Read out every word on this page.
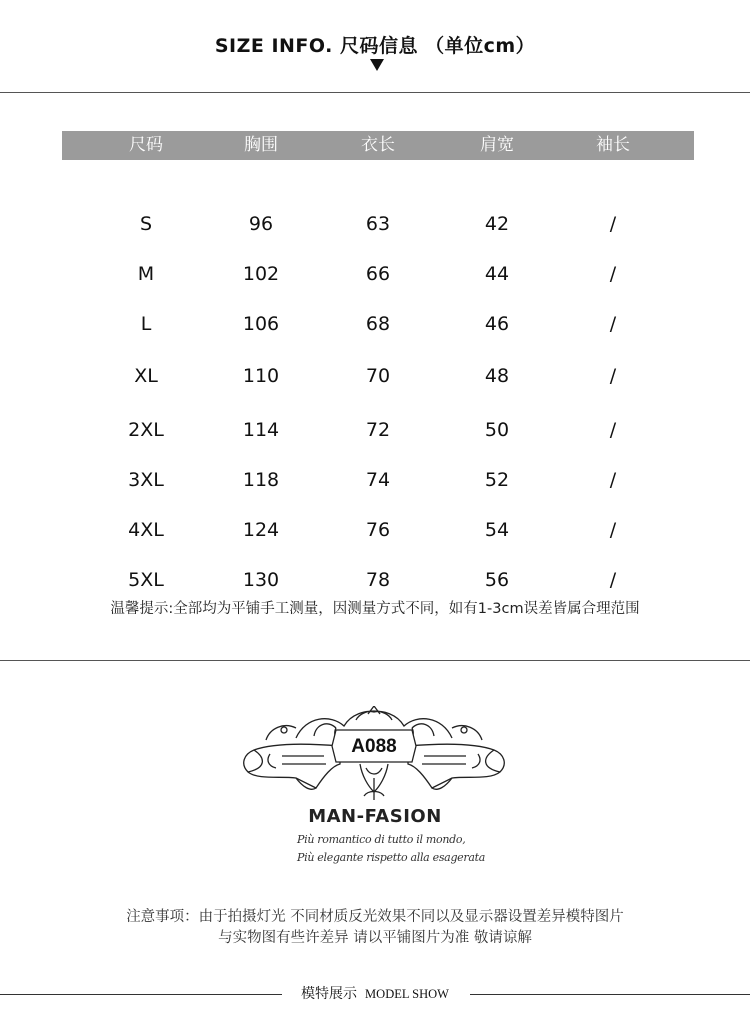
SIZE INFO. 尺码信息 （单位cm）
尺码	胸围	衣长	肩宽	袖长
S	96	63	42	/
M	102	66	44	/
L	106	68	46	/
XL	110	70	48	/
2XL	114	72	50	/
3XL	118	74	52	/
4XL	124	76	54	/
5XL	130	78	56	/
温馨提示:全部均为平铺手工测量，因测量方式不同，如有1-3cm误差皆属合理范围
A088
MAN-FASION
Più romantico di tutto il mondo,
Più elegante rispetto alla esagerata
注意事项：由于拍摄灯光 不同材质反光效果不同以及显示器设置差异模特图片
与实物图有些许差异 请以平铺图片为准 敬请谅解
模特展示 MODEL SHOW
